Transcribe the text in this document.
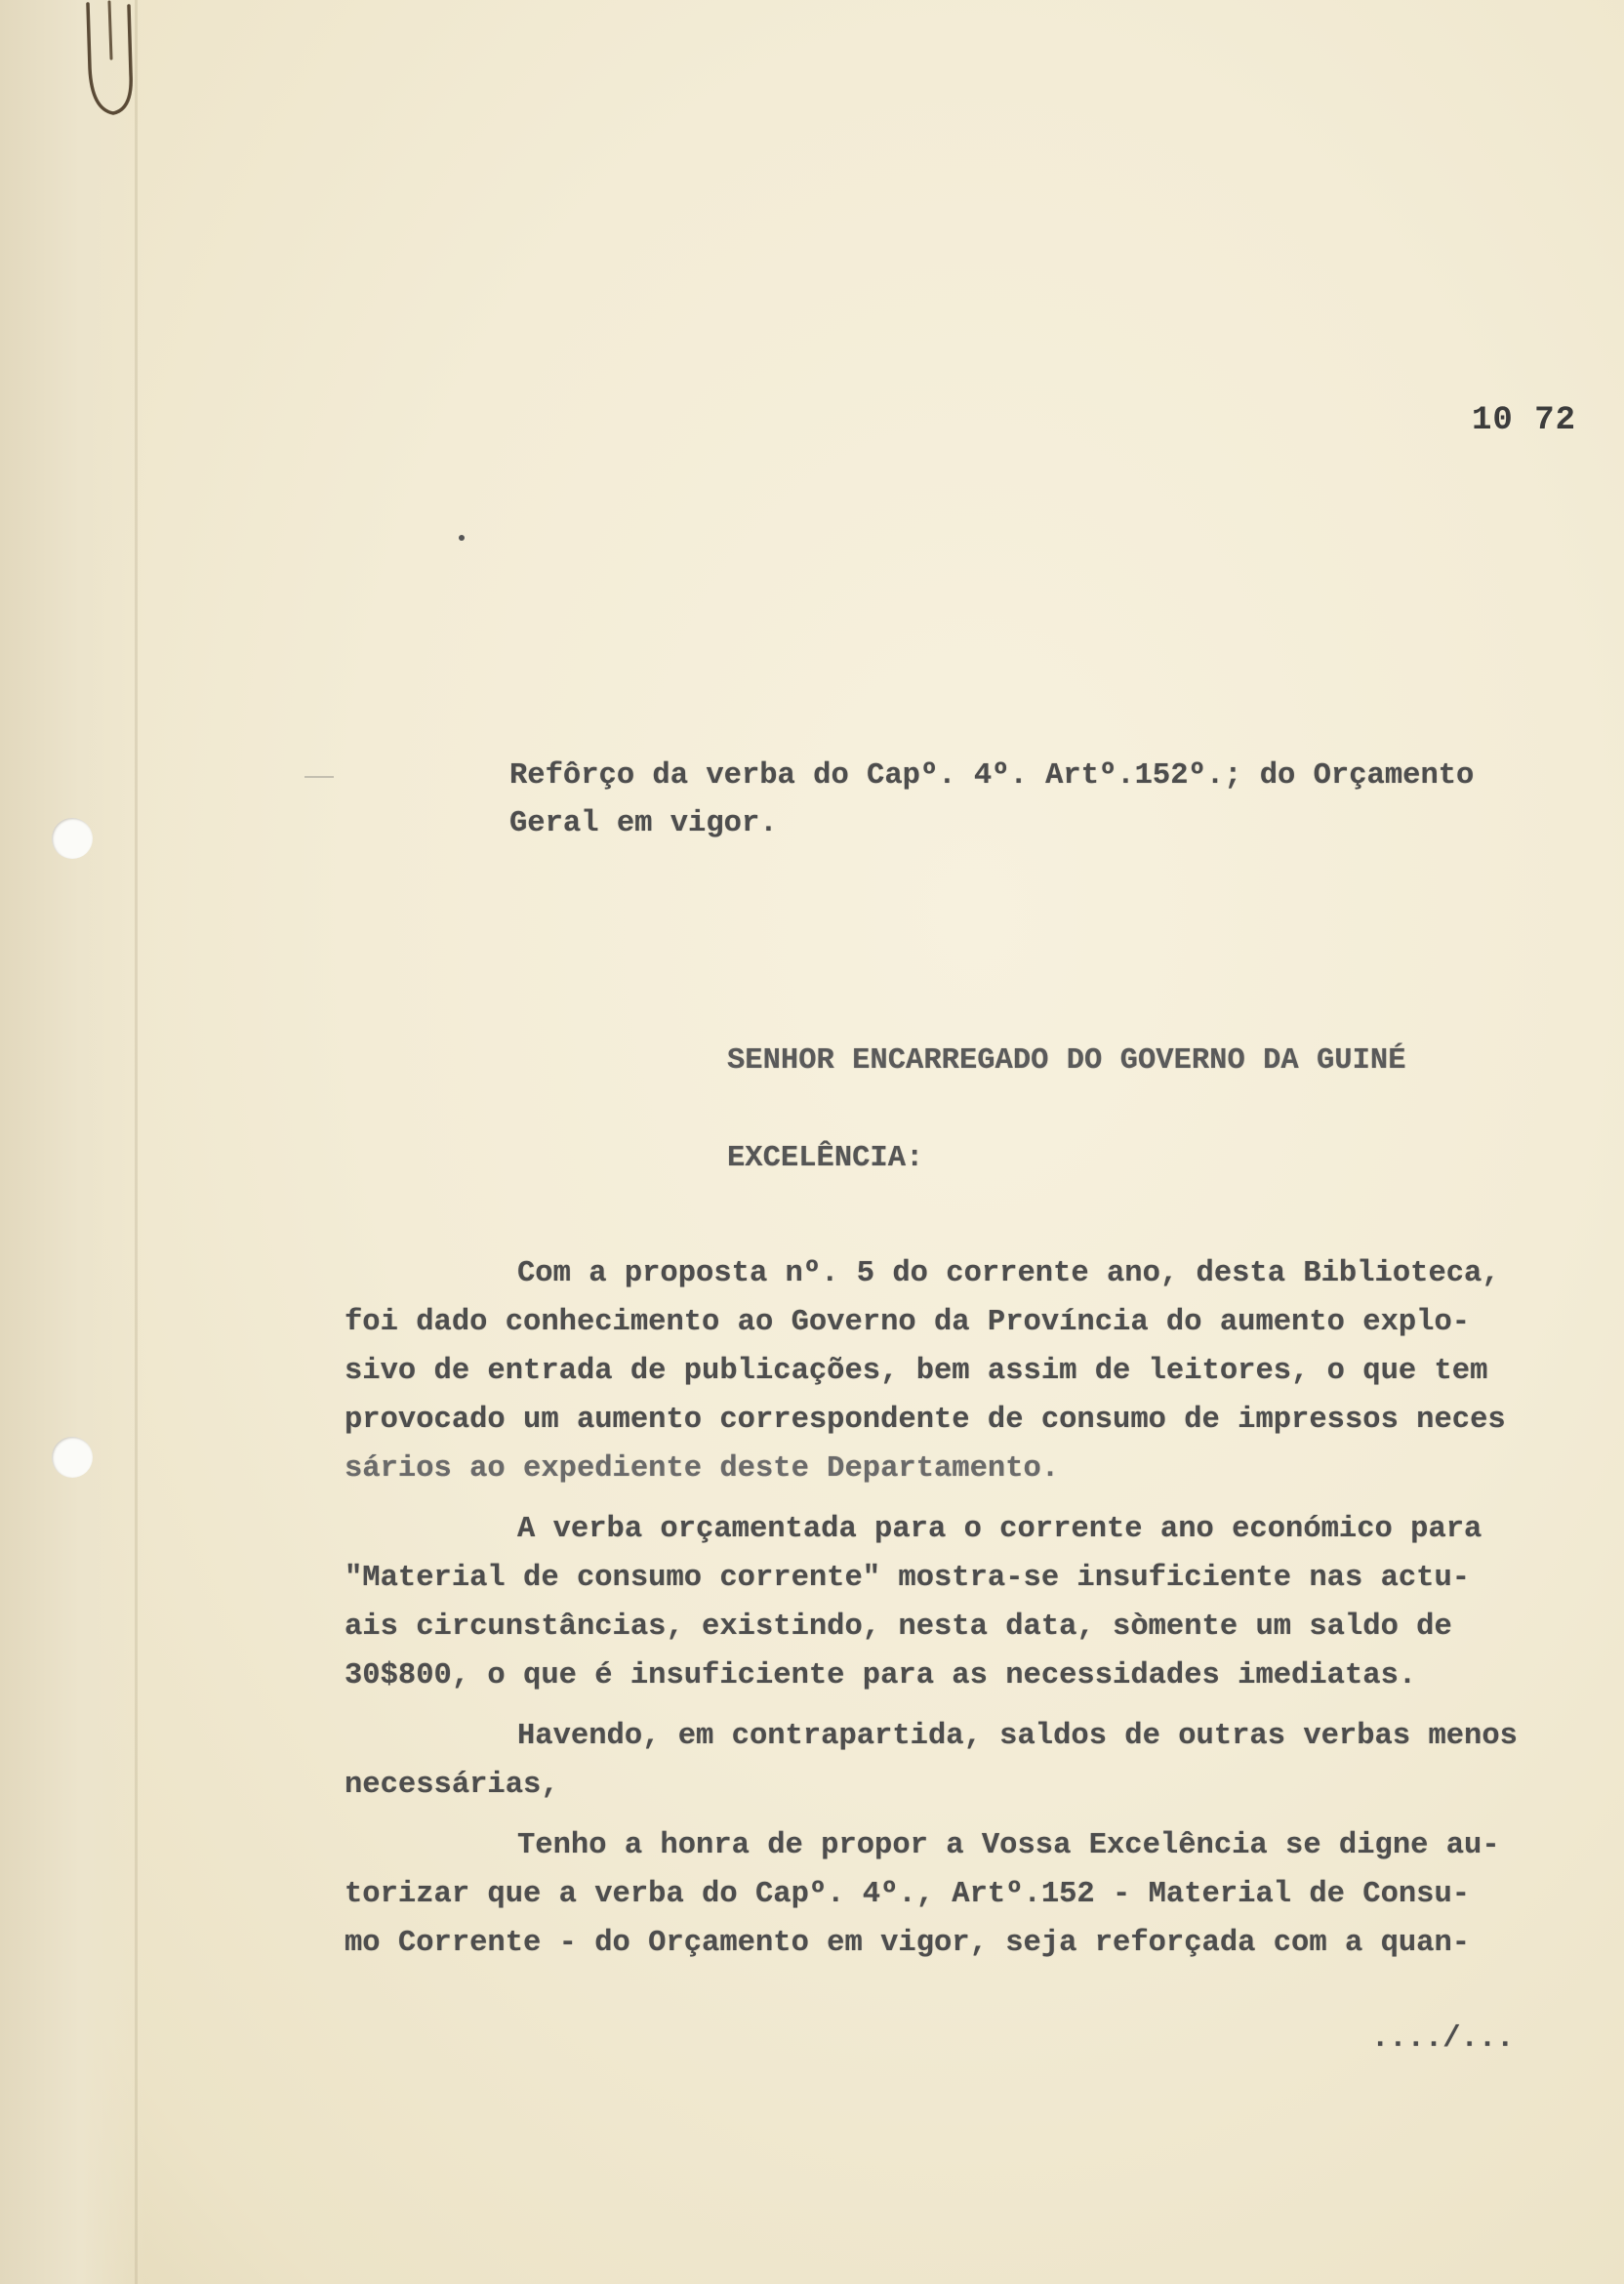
10 72
Refôrço da verba do Capº. 4º. Artº.152º.; do Orçamento
Geral em vigor.
SENHOR ENCARREGADO DO GOVERNO DA GUINÉ
EXCELÊNCIA:
Com a proposta nº. 5 do corrente ano, desta Biblioteca,
foi dado conhecimento ao Governo da Província do aumento explo-
sivo de entrada de publicações, bem assim de leitores, o que tem
provocado um aumento correspondente de consumo de impressos neces
sários ao expediente deste Departamento.
A verba orçamentada para o corrente ano económico para
"Material de consumo corrente" mostra-se insuficiente nas actu-
ais circunstâncias, existindo, nesta data, sòmente um saldo de
30$800, o que é insuficiente para as necessidades imediatas.
Havendo, em contrapartida, saldos de outras verbas menos
necessárias,
Tenho a honra de propor a Vossa Excelência se digne au-
torizar que a verba do Capº. 4º., Artº.152 - Material de Consu-
mo Corrente - do Orçamento em vigor, seja reforçada com a quan-
..../...
